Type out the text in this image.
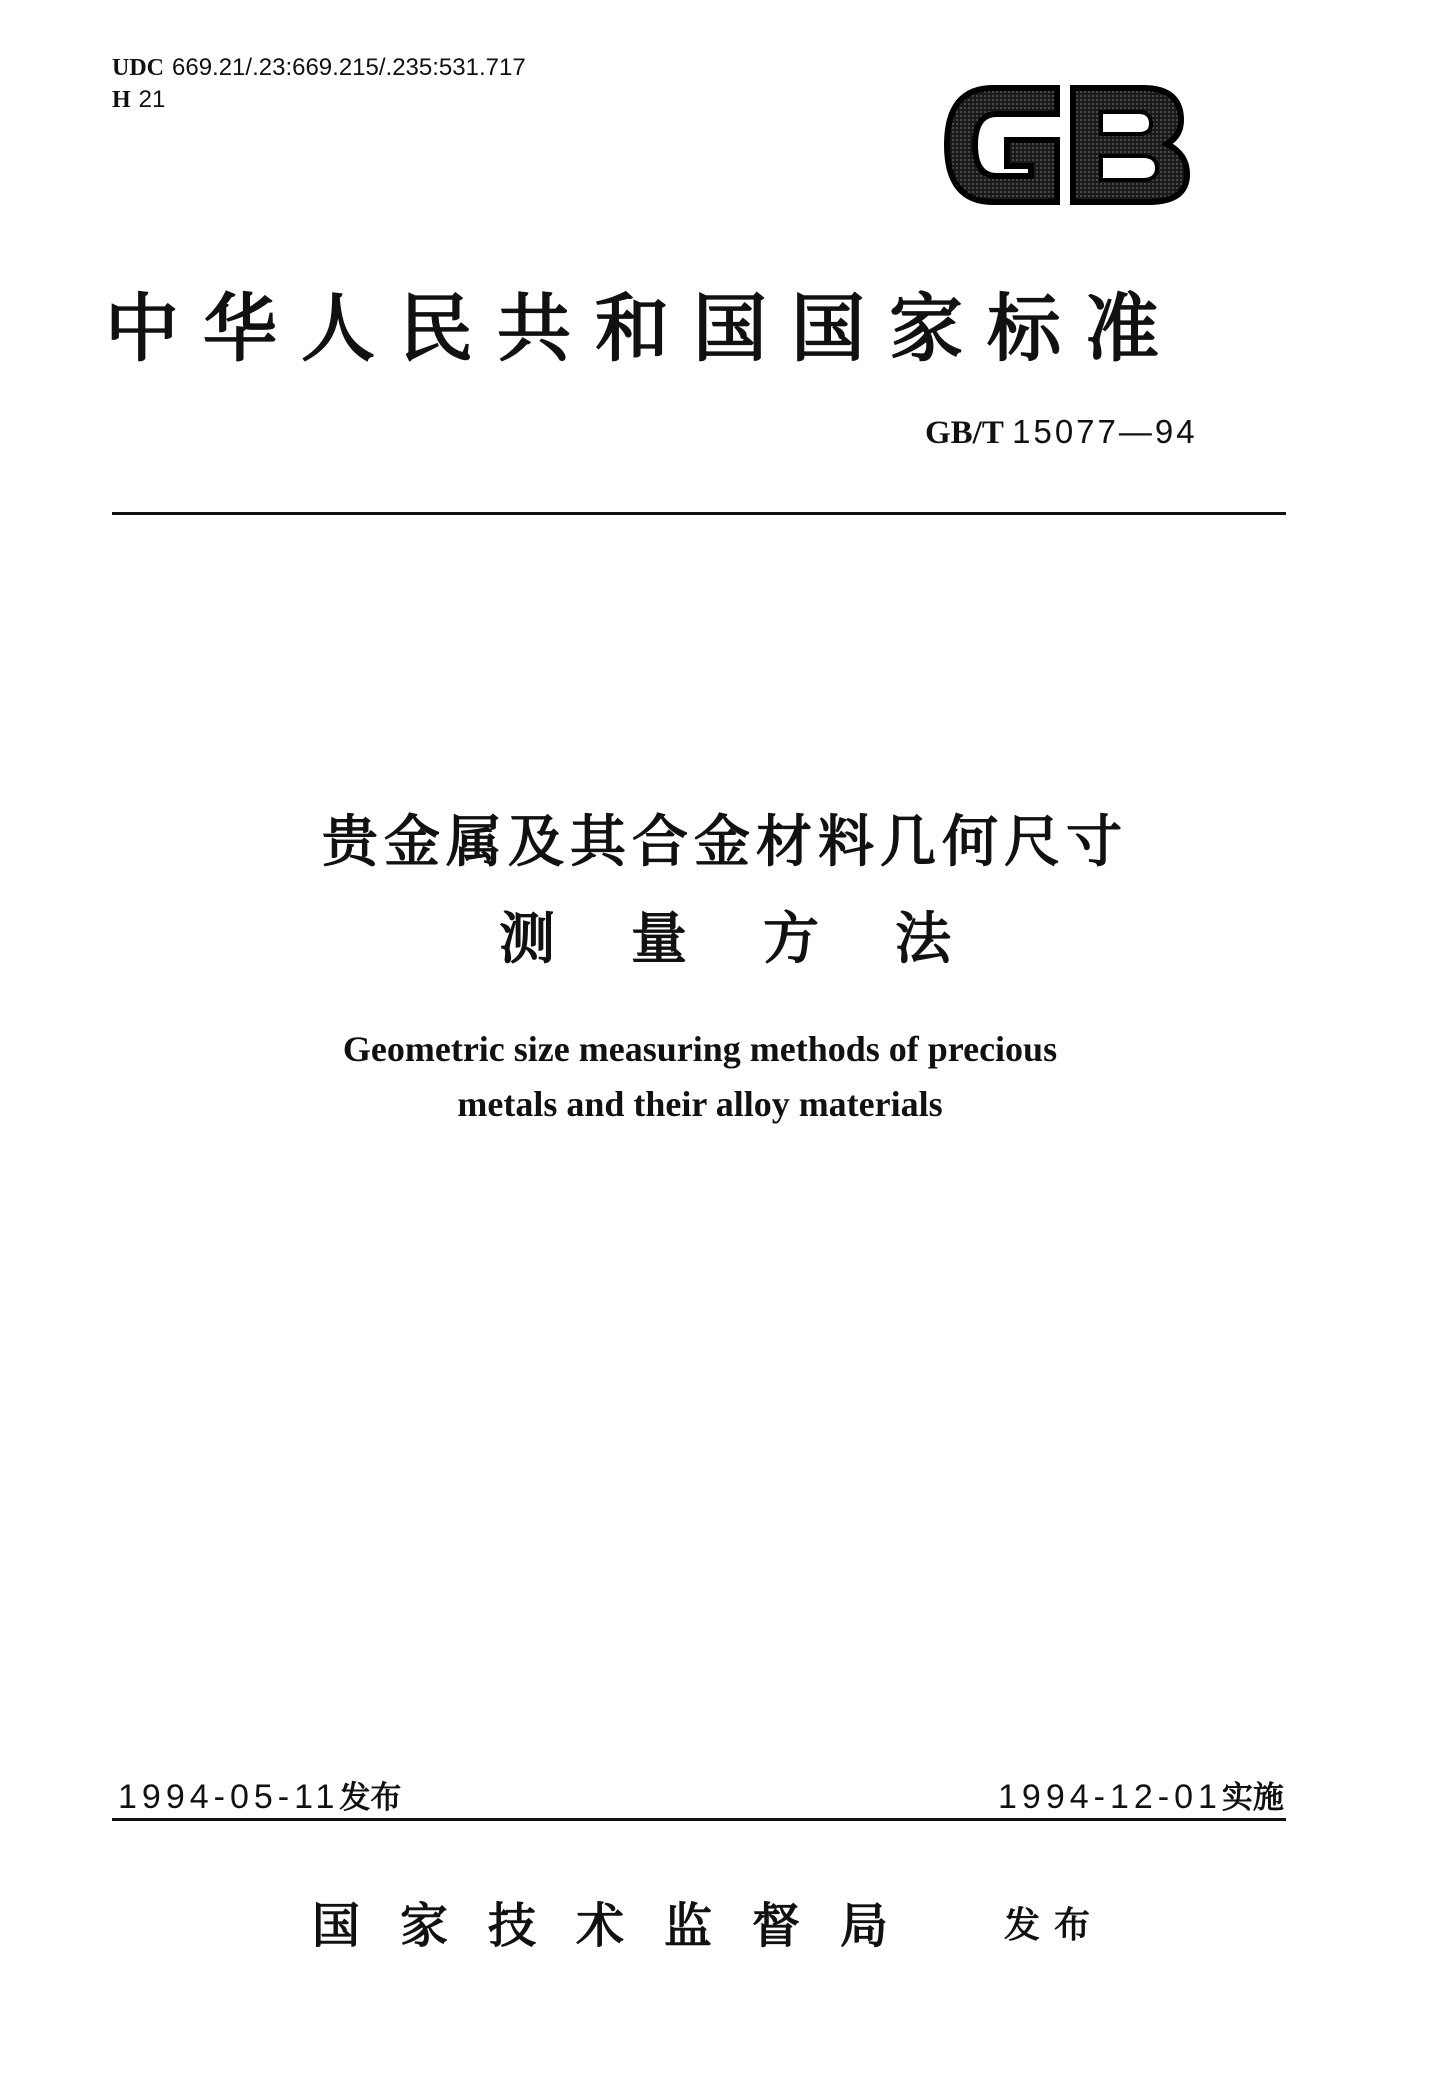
UDC 669.21/.23:669.215/.235:531.717
H 21
中华人民共和国国家标准
GB/T 15077—94
贵金属及其合金材料几何尺寸
测量方法
Geometric size measuring methods of precious
metals and their alloy materials
1994-05-11发布	1994-12-01实施
国家技术监督局 发布
